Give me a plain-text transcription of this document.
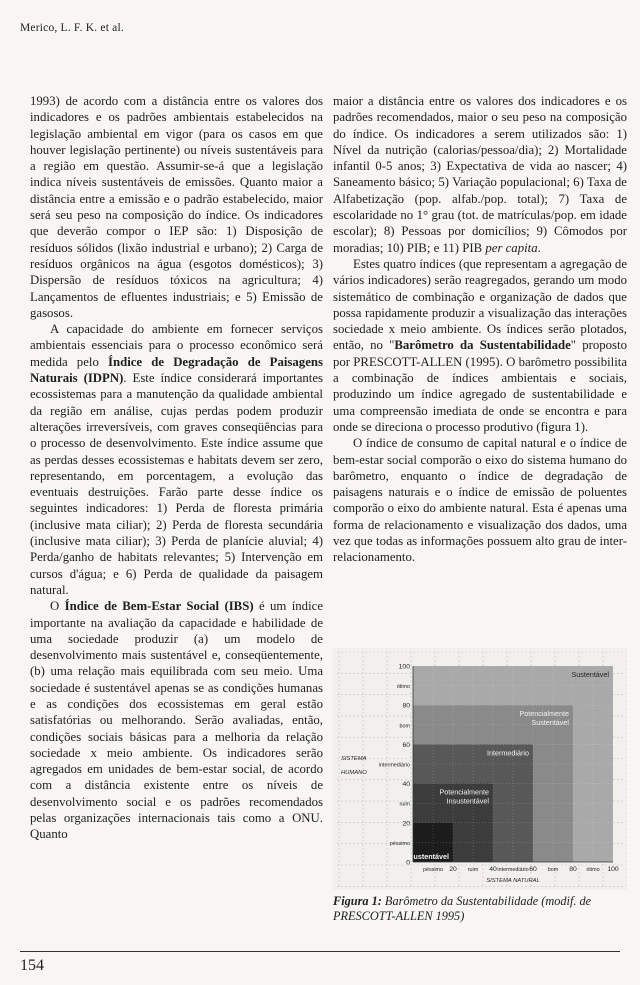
Merico, L. F. K. et al.

1993) de acordo com a distância entre os valores dos indicadores e os padrões ambientais estabelecidos na legislação ambiental em vigor (para os casos em que houver legislação pertinente) ou níveis sustentáveis para a região em questão. Assumir-se-á que a legislação indica níveis sustentáveis de emissões. Quanto maior a distância entre a emissão e o padrão estabelecido, maior será seu peso na composição do índice. Os indicadores que deverão compor o IEP são: 1) Disposição de resíduos sólidos (lixão industrial e urbano); 2) Carga de resíduos orgânicos na água (esgotos domésticos); 3) Dispersão de resíduos tóxicos na agricultura; 4) Lançamentos de efluentes industriais; e 5) Emissão de gasosos.

A capacidade do ambiente em fornecer serviços ambientais essenciais para o processo econômico será medida pelo Índice de Degradação de Paisagens Naturais (IDPN). Este índice considerará importantes ecossistemas para a manutenção da qualidade ambiental da região em análise, cujas perdas podem produzir alterações irreversíveis, com graves conseqüências para o processo de desenvolvimento. Este índice assume que as perdas desses ecossistemas e habitats devem ser zero, representando, em porcentagem, a evolução das eventuais destruições. Farão parte desse índice os seguintes indicadores: 1) Perda de floresta primária (inclusive mata ciliar); 2) Perda de floresta secundária (inclusive mata ciliar); 3) Perda de planície aluvial; 4) Perda/ganho de habitats relevantes; 5) Intervenção em cursos d'água; e 6) Perda de qualidade da paisagem natural.

O Índice de Bem-Estar Social (IBS) é um índice importante na avaliação da capacidade e habilidade de uma sociedade produzir (a) um modelo de desenvolvimento mais sustentável e, conseqüentemente, (b) uma relação mais equilibrada com seu meio. Uma sociedade é sustentável apenas se as condições humanas e as condições dos ecossistemas em geral estão satisfatórias ou melhorando. Serão avaliadas, então, condições sociais básicas para a melhoria da relação sociedade x meio ambiente. Os indicadores serão agregados em unidades de bem-estar social, de acordo com a distância existente entre os níveis de desenvolvimento social e os padrões recomendados pelas organizações internacionais tais como a ONU. Quanto

maior a distância entre os valores dos indicadores e os padrões recomendados, maior o seu peso na composição do índice. Os indicadores a serem utilizados são: 1) Nível da nutrição (calorias/pessoa/dia); 2) Mortalidade infantil 0-5 anos; 3) Expectativa de vida ao nascer; 4) Saneamento básico; 5) Variação populacional; 6) Taxa de Alfabetização (pop. alfab./pop. total); 7) Taxa de escolaridade no 1° grau (tot. de matrículas/pop. em idade escolar); 8) Pessoas por domicílios; 9) Cômodos por moradias; 10) PIB; e 11) PIB per capita.

Estes quatro índices (que representam a agregação de vários indicadores) serão reagregados, gerando um modo sistemático de combinação e organização de dados que possa rapidamente produzir a visualização das interações sociedade x meio ambiente. Os índices serão plotados, então, no "Barômetro da Sustentabilidade" proposto por PRESCOTT-ALLEN (1995). O barômetro possibilita a combinação de índices ambientais e sociais, produzindo um índice agregado de sustentabilidade e uma compreensão imediata de onde se encontra e para onde se direciona o processo produtivo (figura 1).

O índice de consumo de capital natural e o índice de bem-estar social comporão o eixo do sistema humano do barômetro, enquanto o índice de degradação de paisagens naturais e o índice de emissão de poluentes comporão o eixo do ambiente natural. Esta é apenas uma forma de relacionamento e visualização dos dados, uma vez que todas as informações possuem alto grau de inter-relacionamento.

Sustentável
Potencialmente
Sustentável
Intermediário
Potencialmente
Insustentável
Insustentável
100
ótimo
80
bom
60
intermediário
40
ruim
20
péssimo
0
péssimo 20 ruim 40 intermediário 60 bom 80 ótimo 100
SISTEMA
HUMANO
SISTEMA NATURAL
Figura 1: Barômetro da Sustentabilidade (modif. de PRESCOTT-ALLEN 1995)
154
